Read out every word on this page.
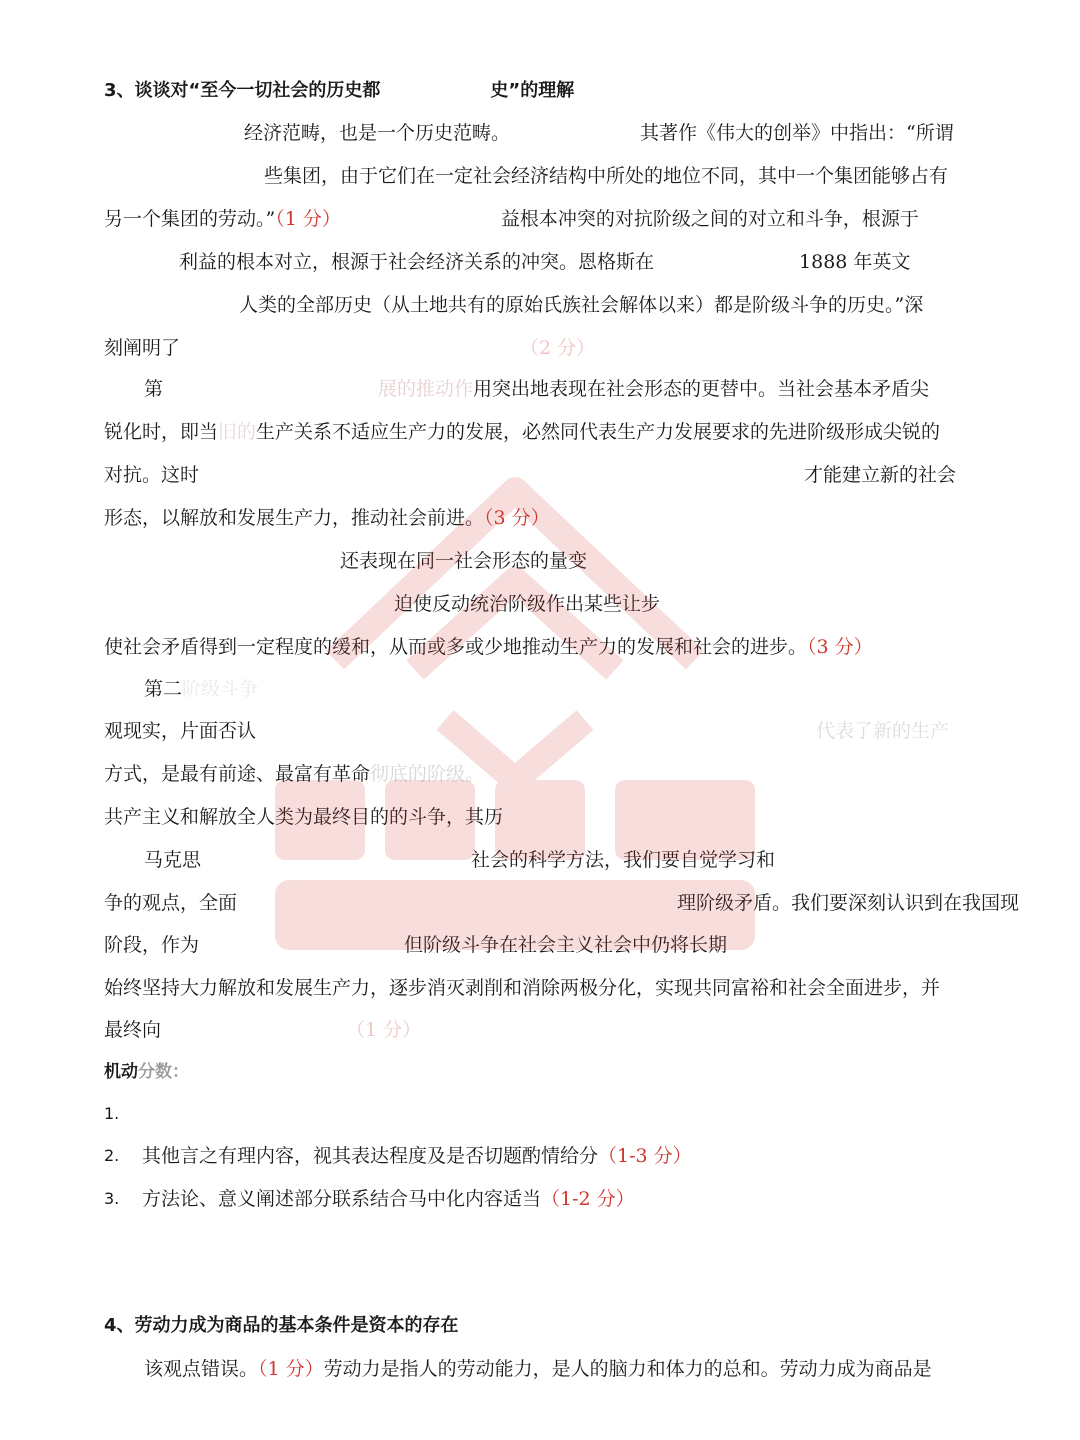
3、谈谈对“至今一切社会的历史都	史”的理解
经济范畴，也是一个历史范畴。	其著作《伟大的创举》中指出：“所谓
些集团，由于它们在一定社会经济结构中所处的地位不同，其中一个集团能够占有
另一个集团的劳动。”（1 分）	益根本冲突的对抗阶级之间的对立和斗争，根源于
利益的根本对立，根源于社会经济关系的冲突。恩格斯在	1888 年英文
人类的全部历史（从土地共有的原始氏族社会解体以来）都是阶级斗争的历史。”深
刻阐明了	（2 分）
第	展的推动作用突出地表现在社会形态的更替中。当社会基本矛盾尖
锐化时，即当旧的生产关系不适应生产力的发展，必然同代表生产力发展要求的先进阶级形成尖锐的
对抗。这时	才能建立新的社会
形态，以解放和发展生产力，推动社会前进。（3 分）
还表现在同一社会形态的量变
迫使反动统治阶级作出某些让步
使社会矛盾得到一定程度的缓和，从而或多或少地推动生产力的发展和社会的进步。（3 分）
第二阶级斗争
观现实，片面否认	代表了新的生产
方式，是最有前途、最富有革命彻底的阶级。
共产主义和解放全人类为最终目的的斗争，其历
马克思	社会的科学方法，我们要自觉学习和
争的观点，全面	理阶级矛盾。我们要深刻认识到在我国现
阶段，作为	但阶级斗争在社会主义社会中仍将长期
始终坚持大力解放和发展生产力，逐步消灭剥削和消除两极分化，实现共同富裕和社会全面进步，并
最终向	（1 分）
机动分数：
1.
2. 其他言之有理内容，视其表达程度及是否切题酌情给分（1-3 分）
3. 方法论、意义阐述部分联系结合马中化内容适当（1-2 分）
4、劳动力成为商品的基本条件是资本的存在
该观点错误。（1 分）劳动力是指人的劳动能力，是人的脑力和体力的总和。劳动力成为商品是
